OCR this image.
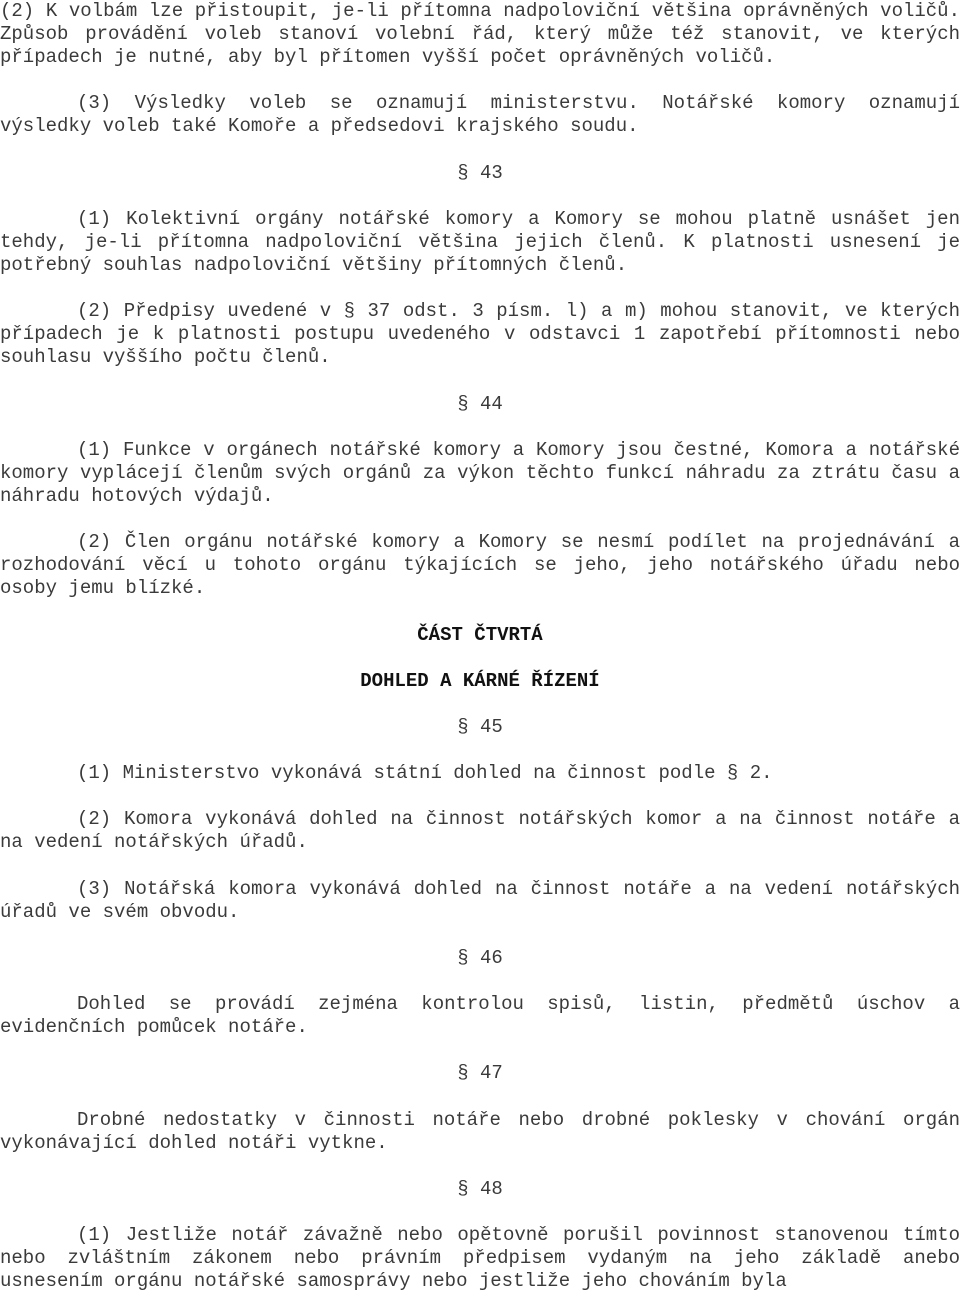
(2) K volbám lze přistoupit, je-li přítomna nadpoloviční většina oprávněných voličů. Způsob provádění voleb stanoví volební řád, který může též stanovit, ve kterých případech je nutné, aby byl přítomen vyšší počet oprávněných voličů.

(3) Výsledky voleb se oznamují ministerstvu. Notářské komory oznamují výsledky voleb také Komoře a předsedovi krajského soudu.

§ 43

(1) Kolektivní orgány notářské komory a Komory se mohou platně usnášet jen tehdy, je-li přítomna nadpoloviční většina jejich členů. K platnosti usnesení je potřebný souhlas nadpoloviční většiny přítomných členů.

(2) Předpisy uvedené v § 37 odst. 3 písm. l) a m) mohou stanovit, ve kterých případech je k platnosti postupu uvedeného v odstavci 1 zapotřebí přítomnosti nebo souhlasu vyššího počtu členů.

§ 44

(1) Funkce v orgánech notářské komory a Komory jsou čestné, Komora a notářské komory vyplácejí členům svých orgánů za výkon těchto funkcí náhradu za ztrátu času a náhradu hotových výdajů.

(2) Člen orgánu notářské komory a Komory se nesmí podílet na projednávání a rozhodování věcí u tohoto orgánu týkajících se jeho, jeho notářského úřadu nebo osoby jemu blízké.

ČÁST ČTVRTÁ

DOHLED A KÁRNÉ ŘÍZENÍ

§ 45

(1) Ministerstvo vykonává státní dohled na činnost podle § 2.

(2) Komora vykonává dohled na činnost notářských komor a na činnost notáře a na vedení notářských úřadů.

(3) Notářská komora vykonává dohled na činnost notáře a na vedení notářských úřadů ve svém obvodu.

§ 46

Dohled se provádí zejména kontrolou spisů, listin, předmětů úschov a evidenčních pomůcek notáře.

§ 47

Drobné nedostatky v činnosti notáře nebo drobné poklesky v chování orgán vykonávající dohled notáři vytkne.

§ 48

(1) Jestliže notář závažně nebo opětovně porušil povinnost stanovenou tímto nebo zvláštním zákonem nebo právním předpisem vydaným na jeho základě anebo usnesením orgánu notářské samosprávy nebo jestliže jeho chováním byla
